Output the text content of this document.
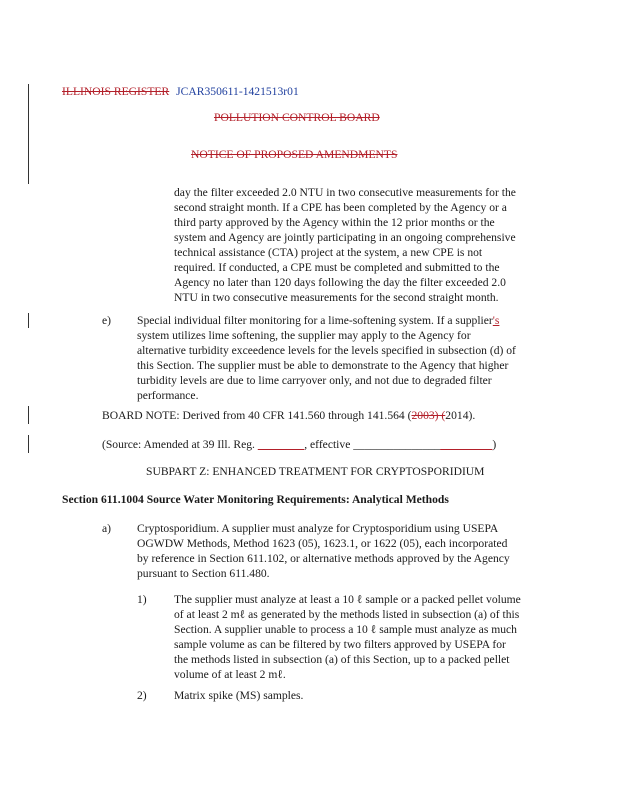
ILLINOIS REGISTER JCAR350611-1421513r01
POLLUTION CONTROL BOARD
NOTICE OF PROPOSED AMENDMENTS
day the filter exceeded 2.0 NTU in two consecutive measurements for the
second straight month. If a CPE has been completed by the Agency or a
third party approved by the Agency within the 12 prior months or the
system and Agency are jointly participating in an ongoing comprehensive
technical assistance (CTA) project at the system, a new CPE is not
required. If conducted, a CPE must be completed and submitted to the
Agency no later than 120 days following the day the filter exceeded 2.0
NTU in two consecutive measurements for the second straight month.
e) Special individual filter monitoring for a lime-softening system. If a supplier's
system utilizes lime softening, the supplier may apply to the Agency for
alternative turbidity exceedence levels for the levels specified in subsection (d) of
this Section. The supplier must be able to demonstrate to the Agency that higher
turbidity levels are due to lime carryover only, and not due to degraded filter
performance.
BOARD NOTE: Derived from 40 CFR 141.560 through 141.564 (2003) (2014).
(Source: Amended at 39 Ill. Reg. ________, effective ________________________)
SUBPART Z: ENHANCED TREATMENT FOR CRYPTOSPORIDIUM
Section 611.1004 Source Water Monitoring Requirements: Analytical Methods
a) Cryptosporidium. A supplier must analyze for Cryptosporidium using USEPA
OGWDW Methods, Method 1623 (05), 1623.1, or 1622 (05), each incorporated
by reference in Section 611.102, or alternative methods approved by the Agency
pursuant to Section 611.480.
1) The supplier must analyze at least a 10 ℓ sample or a packed pellet volume
of at least 2 mℓ as generated by the methods listed in subsection (a) of this
Section. A supplier unable to process a 10 ℓ sample must analyze as much
sample volume as can be filtered by two filters approved by USEPA for
the methods listed in subsection (a) of this Section, up to a packed pellet
volume of at least 2 mℓ.
2) Matrix spike (MS) samples.
